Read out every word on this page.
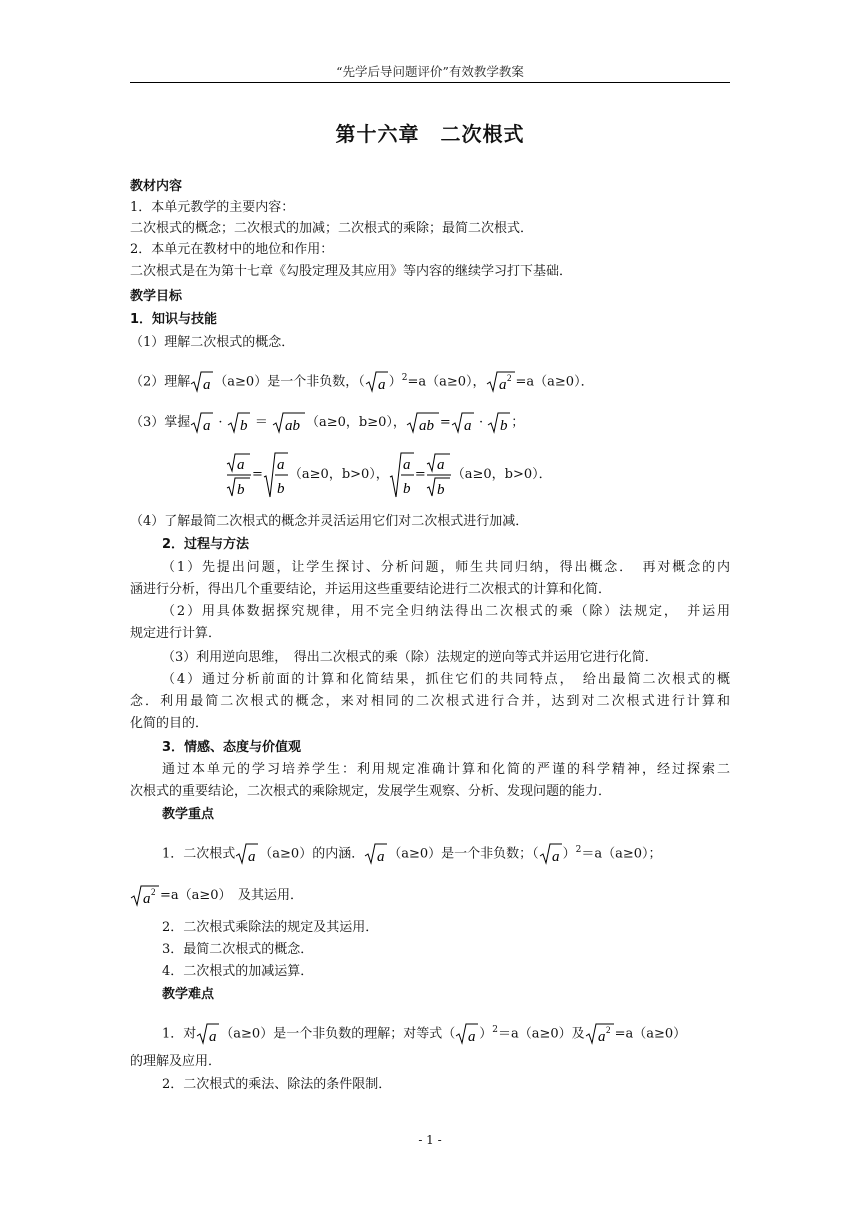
“先学后导问题评价”有效教学教案
第十六章　二次根式
教材内容
1．本单元教学的主要内容：
二次根式的概念；二次根式的加减；二次根式的乘除；最简二次根式．
2．本单元在教材中的地位和作用：
二次根式是在为第十七章《勾股定理及其应用》等内容的继续学习打下基础．
教学目标
1．知识与技能
（1）理解二次根式的概念．
（2）理解 a （a≥0）是一个非负数，（ a ）$^2$=a（a≥0）， a 2 =a（a≥0）．
（3）掌握 a · b ＝ ab （a≥0，b≥0）， ab = a · b ；
a
b
=
a
b
（a≥0，b>0），
a
b
=
a
b
（a≥0，b>0）．
（4）了解最简二次根式的概念并灵活运用它们对二次根式进行加减．
2．过程与方法
（1）先提出问题，让学生探讨、分析问题，师生共同归纳，得出概念．　再对概念的内
涵进行分析，得出几个重要结论，并运用这些重要结论进行二次根式的计算和化简．
（2）用具体数据探究规律，用不完全归纳法得出二次根式的乘（除）法规定，　并运用
规定进行计算．
（3）利用逆向思维，　得出二次根式的乘（除）法规定的逆向等式并运用它进行化简．
（4）通过分析前面的计算和化简结果，抓住它们的共同特点，　给出最简二次根式的概
念．利用最简二次根式的概念，来对相同的二次根式进行合并，达到对二次根式进行计算和
化简的目的．
3．情感、态度与价值观
通过本单元的学习培养学生：利用规定准确计算和化简的严谨的科学精神，经过探索二
次根式的重要结论，二次根式的乘除规定，发展学生观察、分析、发现问题的能力．
教学重点
1．二次根式 a （a≥0）的内涵． a （a≥0）是一个非负数；（ a ）$^2$＝a（a≥0）；
a 2 =a（a≥0）　及其运用．
2．二次根式乘除法的规定及其运用．
3．最简二次根式的概念．
4．二次根式的加减运算．
教学难点
1．对 a （a≥0）是一个非负数的理解；对等式（ a ）$^2$＝a（a≥0）及 a 2 =a（a≥0）
的理解及应用．
2．二次根式的乘法、除法的条件限制．
- 1 -
